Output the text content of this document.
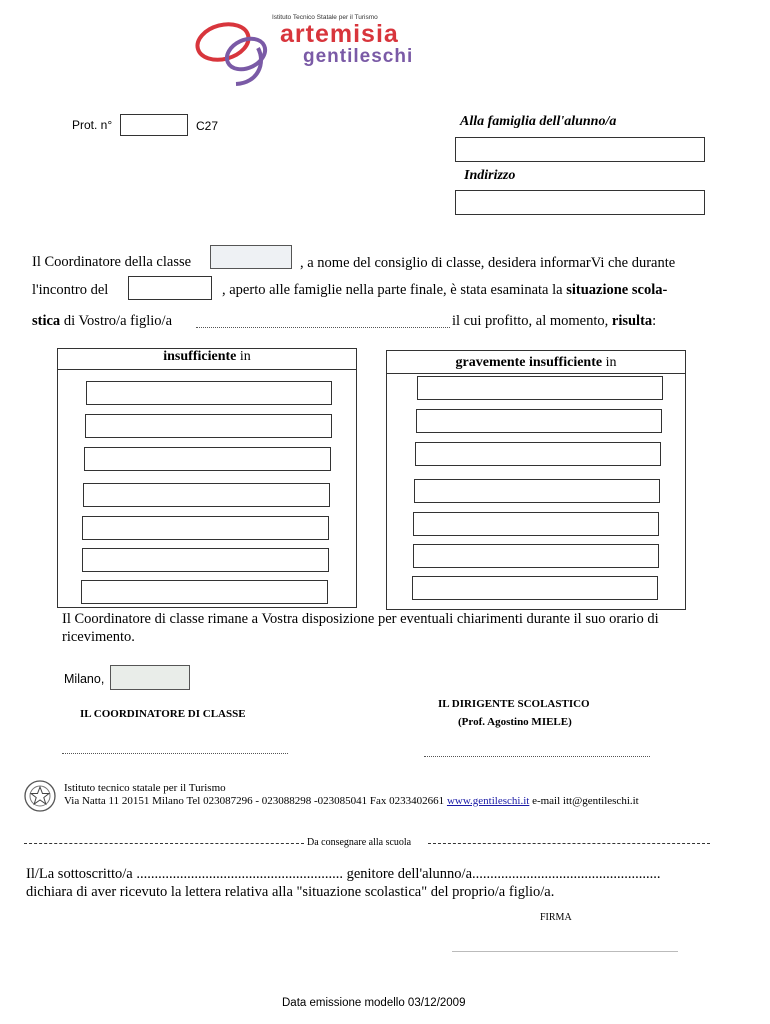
Istituto Tecnico Statale per il Turismo
artemisia
gentileschi
Prot. n°	C27	Alla famiglia dell'alunno/a
Indirizzo
Il Coordinatore della classe	, a nome del consiglio di classe, desidera informarVi che durante
l'incontro del	, aperto alle famiglie nella parte finale, è stata esaminata la situazione scola-
stica di Vostro/a figlio/a	il cui profitto, al momento, risulta:
insufficiente in	gravemente insufficiente in
Il Coordinatore di classe rimane a Vostra disposizione per eventuali chiarimenti durante il suo orario di
ricevimento.
Milano,
IL COORDINATORE DI CLASSE
IL DIRIGENTE SCOLASTICO
(Prof. Agostino MIELE)
Istituto tecnico statale per il Turismo
Via Natta 11 20151 Milano Tel 023087296 - 023088298 -023085041 Fax 0233402661 www.gentileschi.it e-mail itt@gentileschi.it
Da consegnare alla scuola
Il/La sottoscritto/a ......................................................... genitore dell'alunno/a....................................................
dichiara di aver ricevuto la lettera relativa alla "situazione scolastica" del proprio/a figlio/a.
FIRMA
Data emissione modello 03/12/2009
